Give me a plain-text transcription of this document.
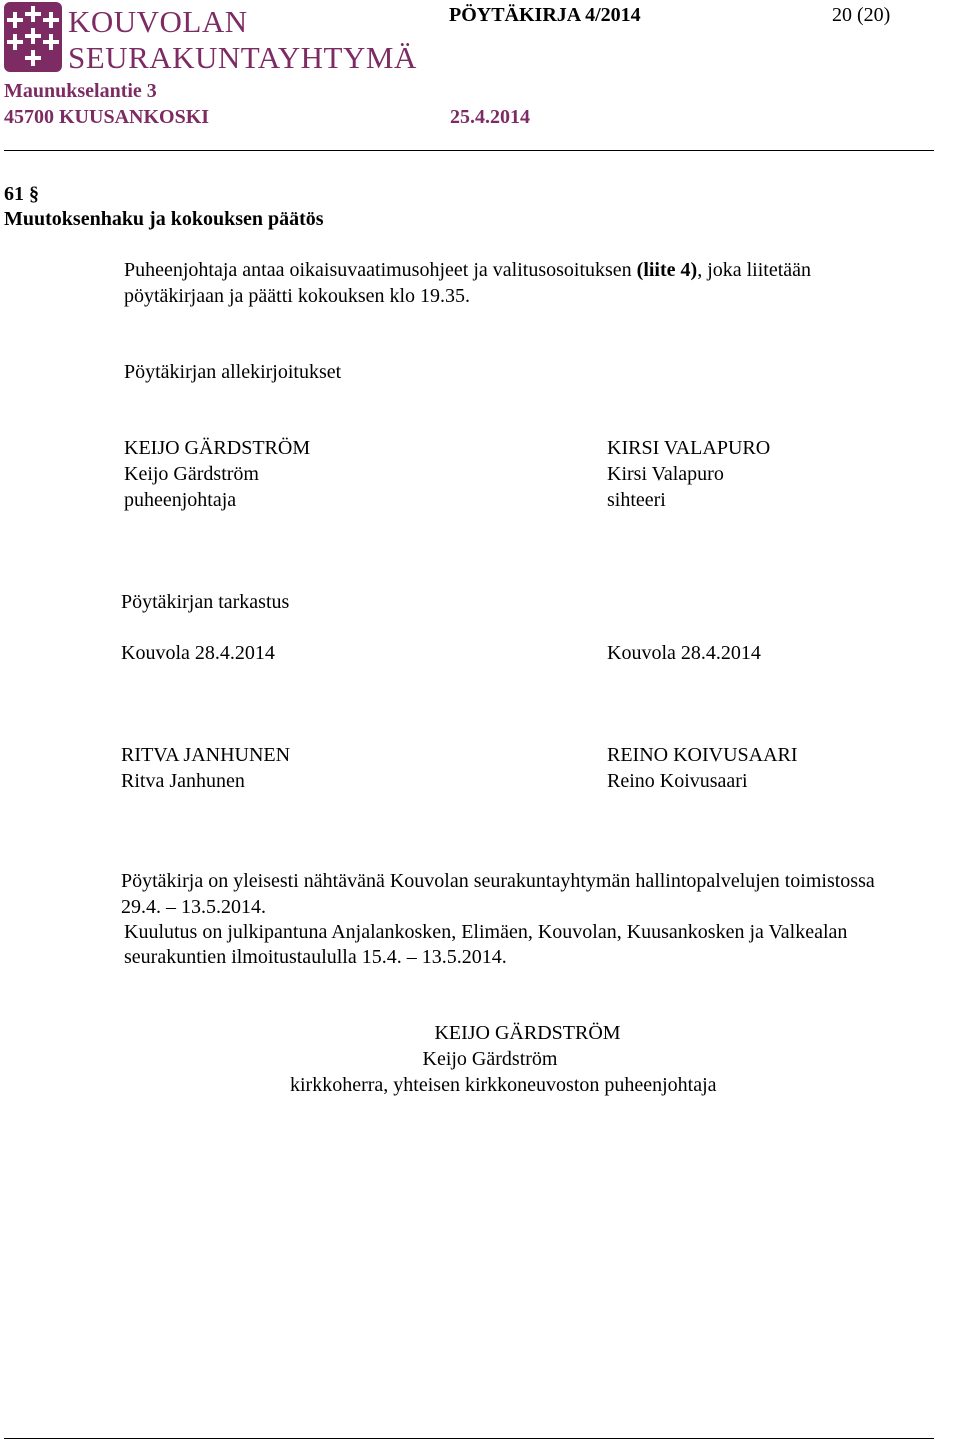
KOUVOLAN
SEURAKUNTAYHTYMÄ
PÖYTÄKIRJA 4/2014	20 (20)
Maunukselantie 3
45700 KUUSANKOSKI	25.4.2014
61 §
Muutoksenhaku ja kokouksen päätös
Puheenjohtaja antaa oikaisuvaatimusohjeet ja valitusosoituksen (liite 4), joka liitetään
pöytäkirjaan ja päätti kokouksen klo 19.35.
Pöytäkirjan allekirjoitukset
KEIJO GÄRDSTRÖM
Keijo Gärdström
puheenjohtaja
KIRSI VALAPURO
Kirsi Valapuro
sihteeri
Pöytäkirjan tarkastus
Kouvola 28.4.2014	Kouvola 28.4.2014
RITVA JANHUNEN
Ritva Janhunen
REINO KOIVUSAARI
Reino Koivusaari
Pöytäkirja on yleisesti nähtävänä Kouvolan seurakuntayhtymän hallintopalvelujen toimistossa
29.4. – 13.5.2014.
Kuulutus on julkipantuna Anjalankosken, Elimäen, Kouvolan, Kuusankosken ja Valkealan
seurakuntien ilmoitustaululla 15.4. – 13.5.2014.
KEIJO GÄRDSTRÖM
Keijo Gärdström
kirkkoherra, yhteisen kirkkoneuvoston puheenjohtaja
